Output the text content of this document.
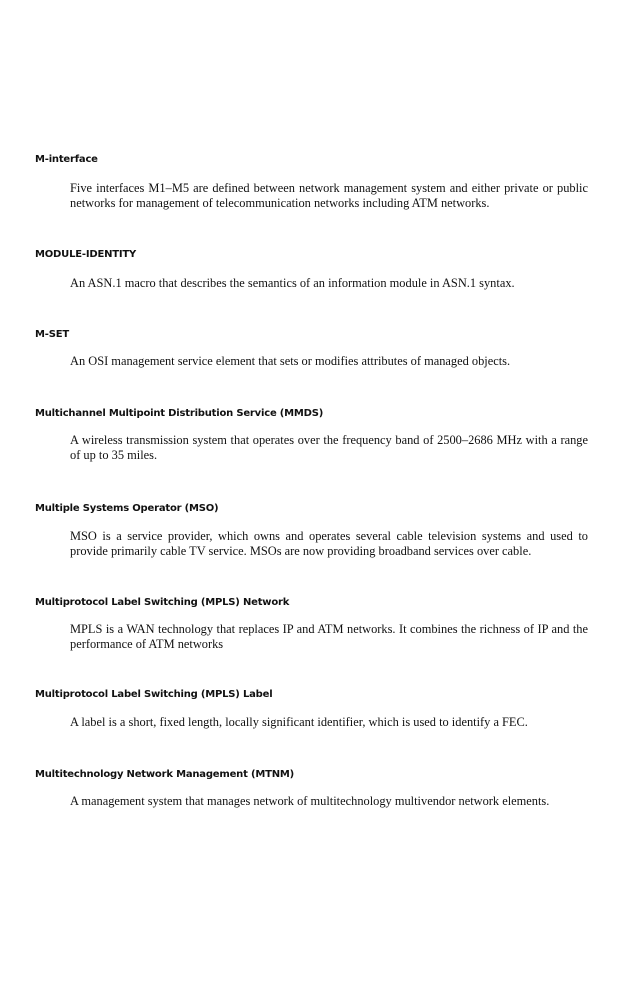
M-interface

Five interfaces M1–M5 are defined between network management system and either private or public networks for management of telecommunication networks including ATM networks.

MODULE-IDENTITY

An ASN.1 macro that describes the semantics of an information module in ASN.1 syntax.

M-SET

An OSI management service element that sets or modifies attributes of managed objects.

Multichannel Multipoint Distribution Service (MMDS)

A wireless transmission system that operates over the frequency band of 2500–2686 MHz with a range of up to 35 miles.

Multiple Systems Operator (MSO)

MSO is a service provider, which owns and operates several cable television systems and used to provide primarily cable TV service. MSOs are now providing broadband services over cable.

Multiprotocol Label Switching (MPLS) Network

MPLS is a WAN technology that replaces IP and ATM networks. It combines the richness of IP and the performance of ATM networks

Multiprotocol Label Switching (MPLS) Label

A label is a short, fixed length, locally significant identifier, which is used to identify a FEC.

Multitechnology Network Management (MTNM)

A management system that manages network of multitechnology multivendor network elements.
